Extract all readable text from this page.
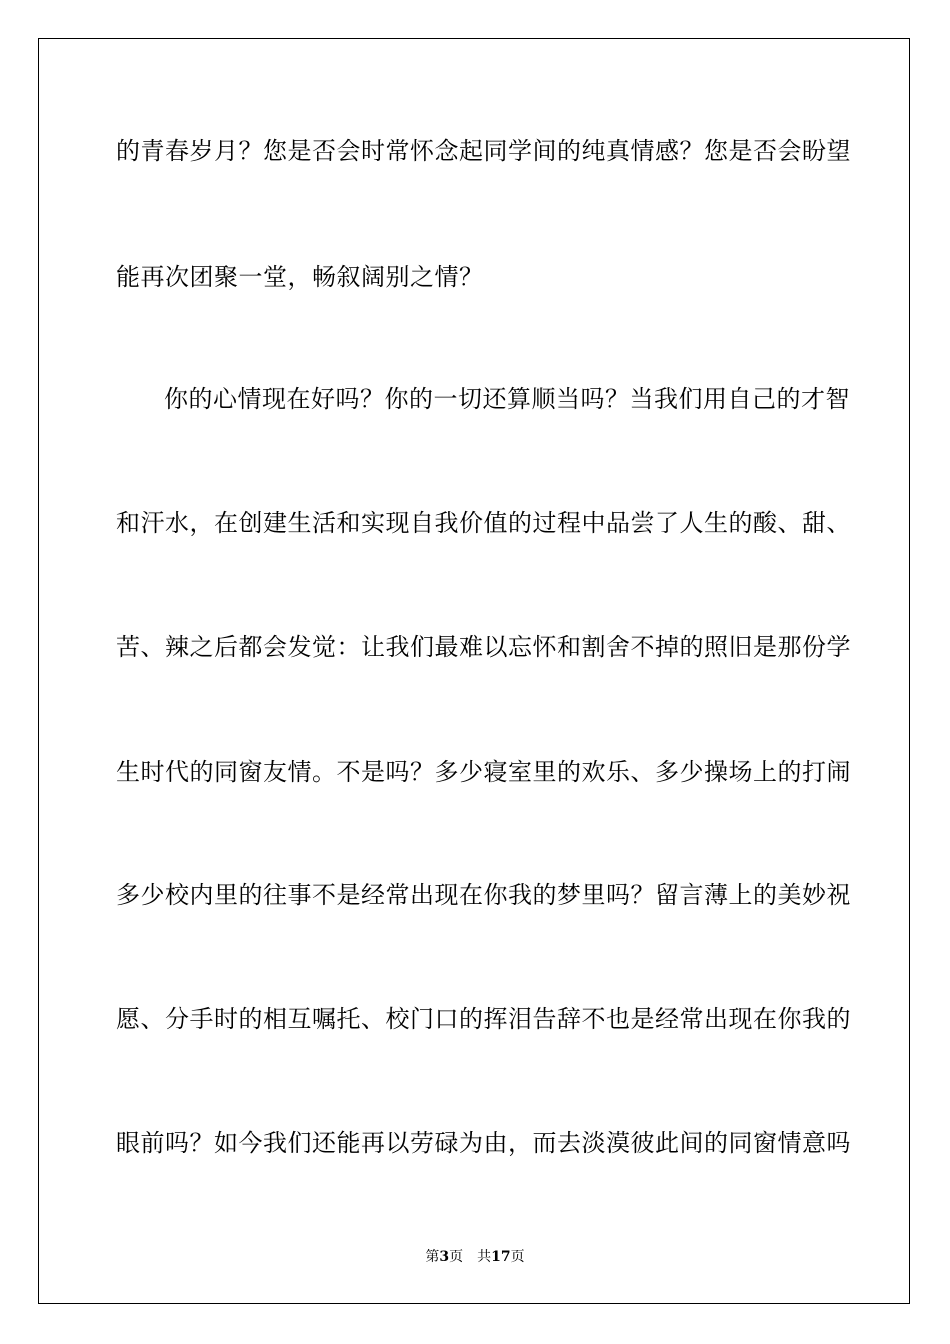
的青春岁月？您是否会时常怀念起同学间的纯真情感？您是否会盼望
能再次团聚一堂，畅叙阔别之情？
你的心情现在好吗？你的一切还算顺当吗？当我们用自己的才智
和汗水，在创建生活和实现自我价值的过程中品尝了人生的酸、甜、
苦、辣之后都会发觉：让我们最难以忘怀和割舍不掉的照旧是那份学
生时代的同窗友情。不是吗？多少寝室里的欢乐、多少操场上的打闹
多少校内里的往事不是经常出现在你我的梦里吗？留言薄上的美妙祝
愿、分手时的相互嘱托、校门口的挥泪告辞不也是经常出现在你我的
眼前吗？如今我们还能再以劳碌为由，而去淡漠彼此间的同窗情意吗
第3页 共17页
